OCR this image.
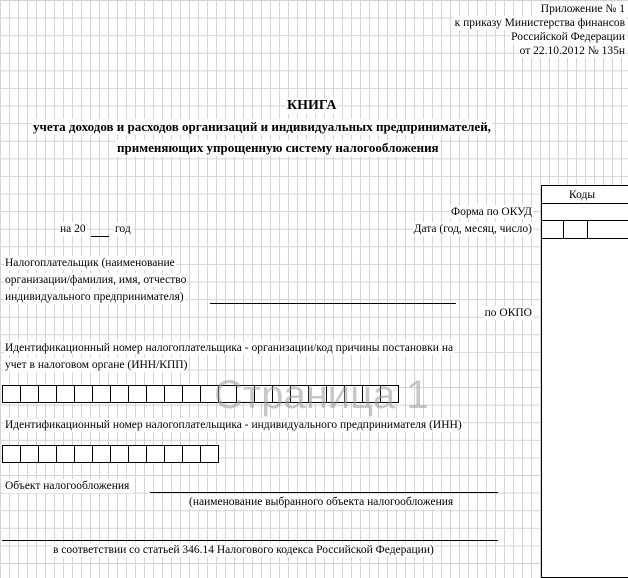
Приложение № 1
к приказу Министерства финансов
Российской Федерации
от 22.10.2012 № 135н
КНИГА
учета доходов и расходов организаций и индивидуальных предпринимателей,
применяющих упрощенную систему налогообложения
Коды
Форма по ОКУД
Дата (год, месяц, число)
по ОКПО
на 20	год
Налогоплательщик (наименование
организации/фамилия, имя, отчество
индивидуального предпринимателя)
Идентификационный номер налогоплательщика - организации/код причины постановки на
учет в налоговом органе (ИНН/КПП)
Страница 1
Идентификационный номер налогоплательщика - индивидуального предпринимателя (ИНН)
Объект налогообложения
(наименование выбранного объекта налогообложения
в соответствии со статьей 346.14 Налогового кодекса Российской Федерации)
